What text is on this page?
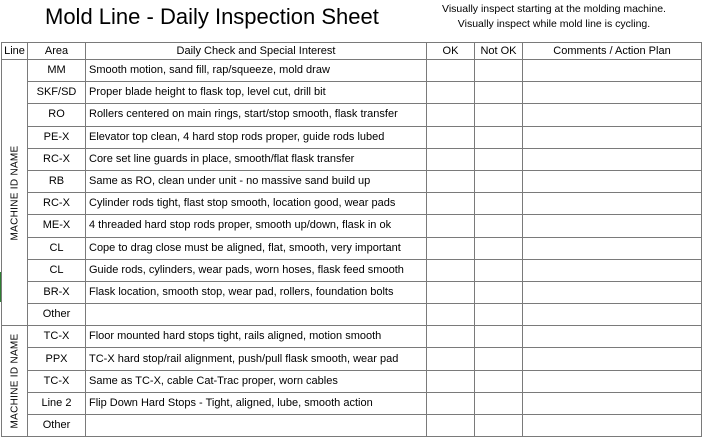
Mold Line - Daily Inspection Sheet	Visually inspect starting at the molding machine.
Visually inspect while mold line is cycling.
Line	Area	Daily Check and Special Interest	OK	Not OK	Comments / Action Plan

MACHINE ID NAME	MM	Smooth motion, sand fill, rap/squeeze, mold draw			
	SKF/SD	Proper blade height to flask top, level cut, drill bit			
	RO	Rollers centered on main rings, start/stop smooth, flask transfer			
	PE-X	Elevator top clean, 4 hard stop rods proper, guide rods lubed			
	RC-X	Core set line guards in place, smooth/flat flask transfer			
	RB	Same as RO, clean under unit - no massive sand build up			
	RC-X	Cylinder rods tight, flast stop smooth, location good, wear pads			
	ME-X	4 threaded hard stop rods proper, smooth up/down, flask in ok			
	CL	Cope to drag close must be aligned, flat, smooth, very important			
	CL	Guide rods, cylinders, wear pads, worn hoses, flask feed smooth			
	BR-X	Flask location, smooth stop, wear pad, rollers, foundation bolts			
	Other				

MACHINE ID NAME	TC-X	Floor mounted hard stops tight, rails aligned, motion smooth			
	PPX	TC-X hard stop/rail alignment, push/pull flask smooth, wear pad			
	TC-X	Same as TC-X, cable Cat-Trac proper, worn cables			
	Line 2	Flip Down Hard Stops - Tight, aligned, lube, smooth action			
	Other				
